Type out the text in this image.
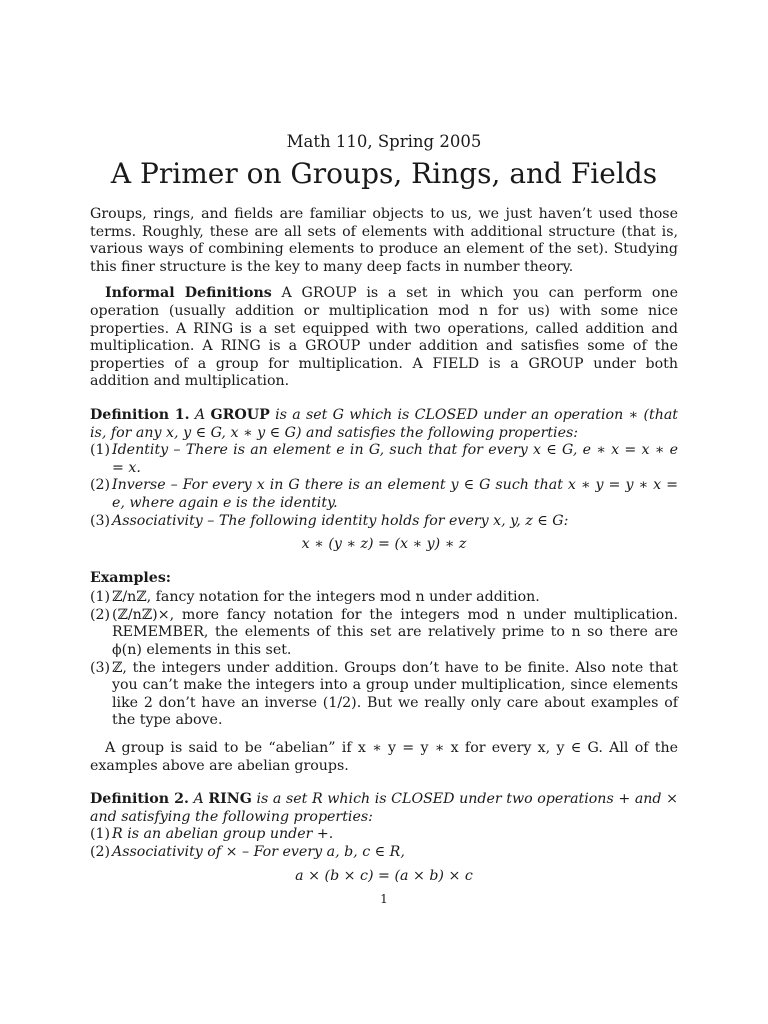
Math 110, Spring 2005
A Primer on Groups, Rings, and Fields

Groups, rings, and fields are familiar objects to us, we just haven’t used those terms. Roughly, these are all sets of elements with additional structure (that is, various ways of combining elements to produce an element of the set). Studying this finer structure is the key to many deep facts in number theory.

Informal Definitions A GROUP is a set in which you can perform one operation (usually addition or multiplication mod n for us) with some nice properties. A RING is a set equipped with two operations, called addition and multiplication. A RING is a GROUP under addition and satisfies some of the properties of a group for multiplication. A FIELD is a GROUP under both addition and multiplication.

Definition 1. A GROUP is a set G which is CLOSED under an operation ∗ (that is, for any x, y ∈ G, x ∗ y ∈ G) and satisfies the following properties:
(1) Identity – There is an element e in G, such that for every x ∈ G, e ∗ x = x ∗ e = x.
(2) Inverse – For every x in G there is an element y ∈ G such that x ∗ y = y ∗ x = e, where again e is the identity.
(3) Associativity – The following identity holds for every x, y, z ∈ G:
x ∗ (y ∗ z) = (x ∗ y) ∗ z
Examples:
(1) ℤ/nℤ, fancy notation for the integers mod n under addition.
(2) (ℤ/nℤ)×, more fancy notation for the integers mod n under multiplication. REMEMBER, the elements of this set are relatively prime to n so there are ϕ(n) elements in this set.
(3) ℤ, the integers under addition. Groups don’t have to be finite. Also note that you can’t make the integers into a group under multiplication, since elements like 2 don’t have an inverse (1/2). But we really only care about examples of the type above.

A group is said to be “abelian” if x ∗ y = y ∗ x for every x, y ∈ G. All of the examples above are abelian groups.

Definition 2. A RING is a set R which is CLOSED under two operations + and × and satisfying the following properties:
(1) R is an abelian group under +.
(2) Associativity of × – For every a, b, c ∈ R,
a × (b × c) = (a × b) × c
1
